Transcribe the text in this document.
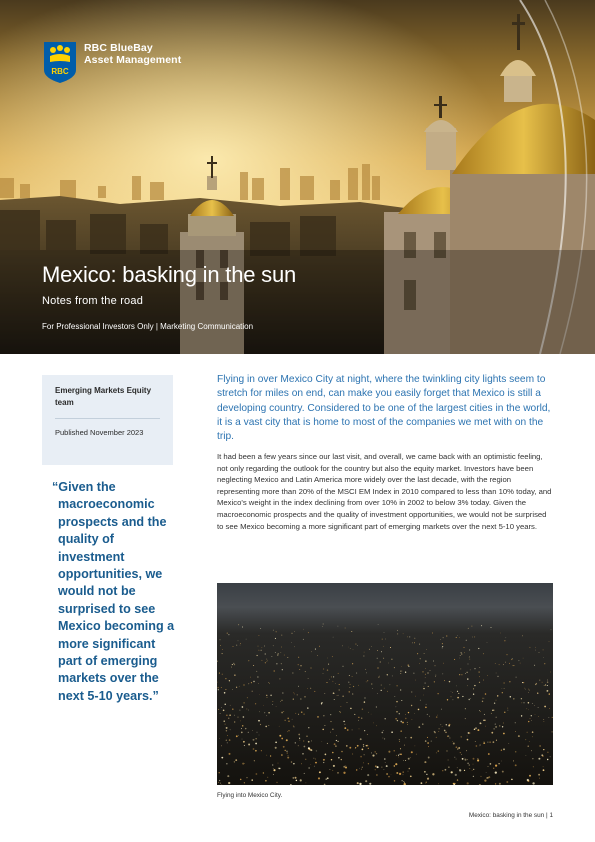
RBC
RBC BlueBay
Asset Management
Mexico: basking in the sun
Notes from the road
For Professional Investors Only | Marketing Communication
Emerging Markets Equity team
Published November 2023

“Given the macroeconomic prospects and the quality of investment opportunities, we would not be surprised to see Mexico becoming a more significant part of emerging markets over the next 5-10 years.”

Flying in over Mexico City at night, where the twinkling city lights seem to stretch for miles on end, can make you easily forget that Mexico is still a developing country. Considered to be one of the largest cities in the world, it is a vast city that is home to most of the companies we met with on the trip.

It had been a few years since our last visit, and overall, we came back with an optimistic feeling, not only regarding the outlook for the country but also the equity market. Investors have been neglecting Mexico and Latin America more widely over the last decade, with the region representing more than 20% of the MSCI EM Index in 2010 compared to less than 10% today, and Mexico's weight in the index declining from over 10% in 2002 to below 3% today. Given the macroeconomic prospects and the quality of investment opportunities, we would not be surprised to see Mexico becoming a more significant part of emerging markets over the next 5-10 years.

Flying into Mexico City.
Mexico: basking in the sun | 1
